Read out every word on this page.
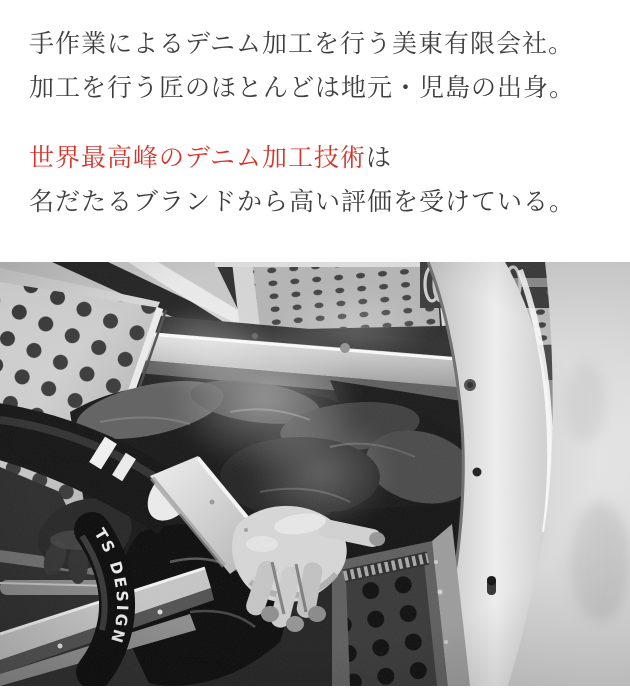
手作業によるデニム加工を行う美東有限会社。

加工を行う匠のほとんどは地元・児島の出身。

世界最高峰のデニム加工技術は

名だたるブランドから高い評価を受けている。
